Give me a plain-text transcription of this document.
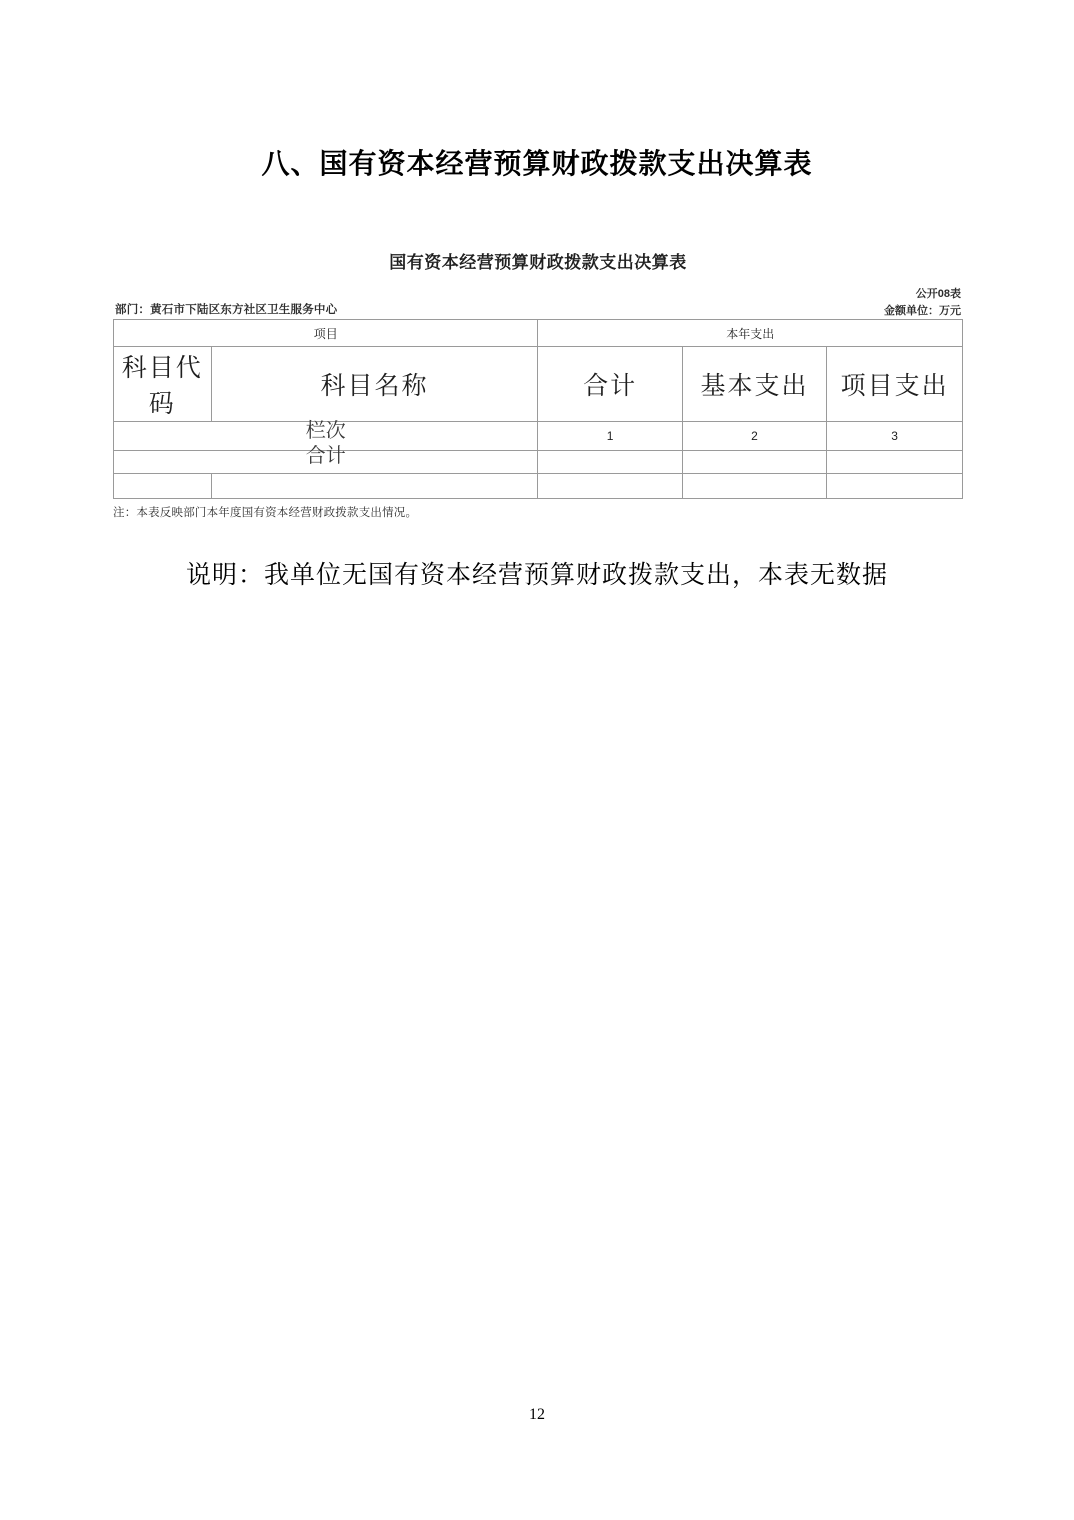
八、国有资本经营预算财政拨款支出决算表
国有资本经营预算财政拨款支出决算表
部门：黄石市下陆区东方社区卫生服务中心
公开08表
金额单位：万元
项目		本年支出		
科目代码	科目名称	合计	基本支出	项目支出

栏次		1	2	3

合计				

注：本表反映部门本年度国有资本经营财政拨款支出情况。
说明：我单位无国有资本经营预算财政拨款支出，本表无数据
12
